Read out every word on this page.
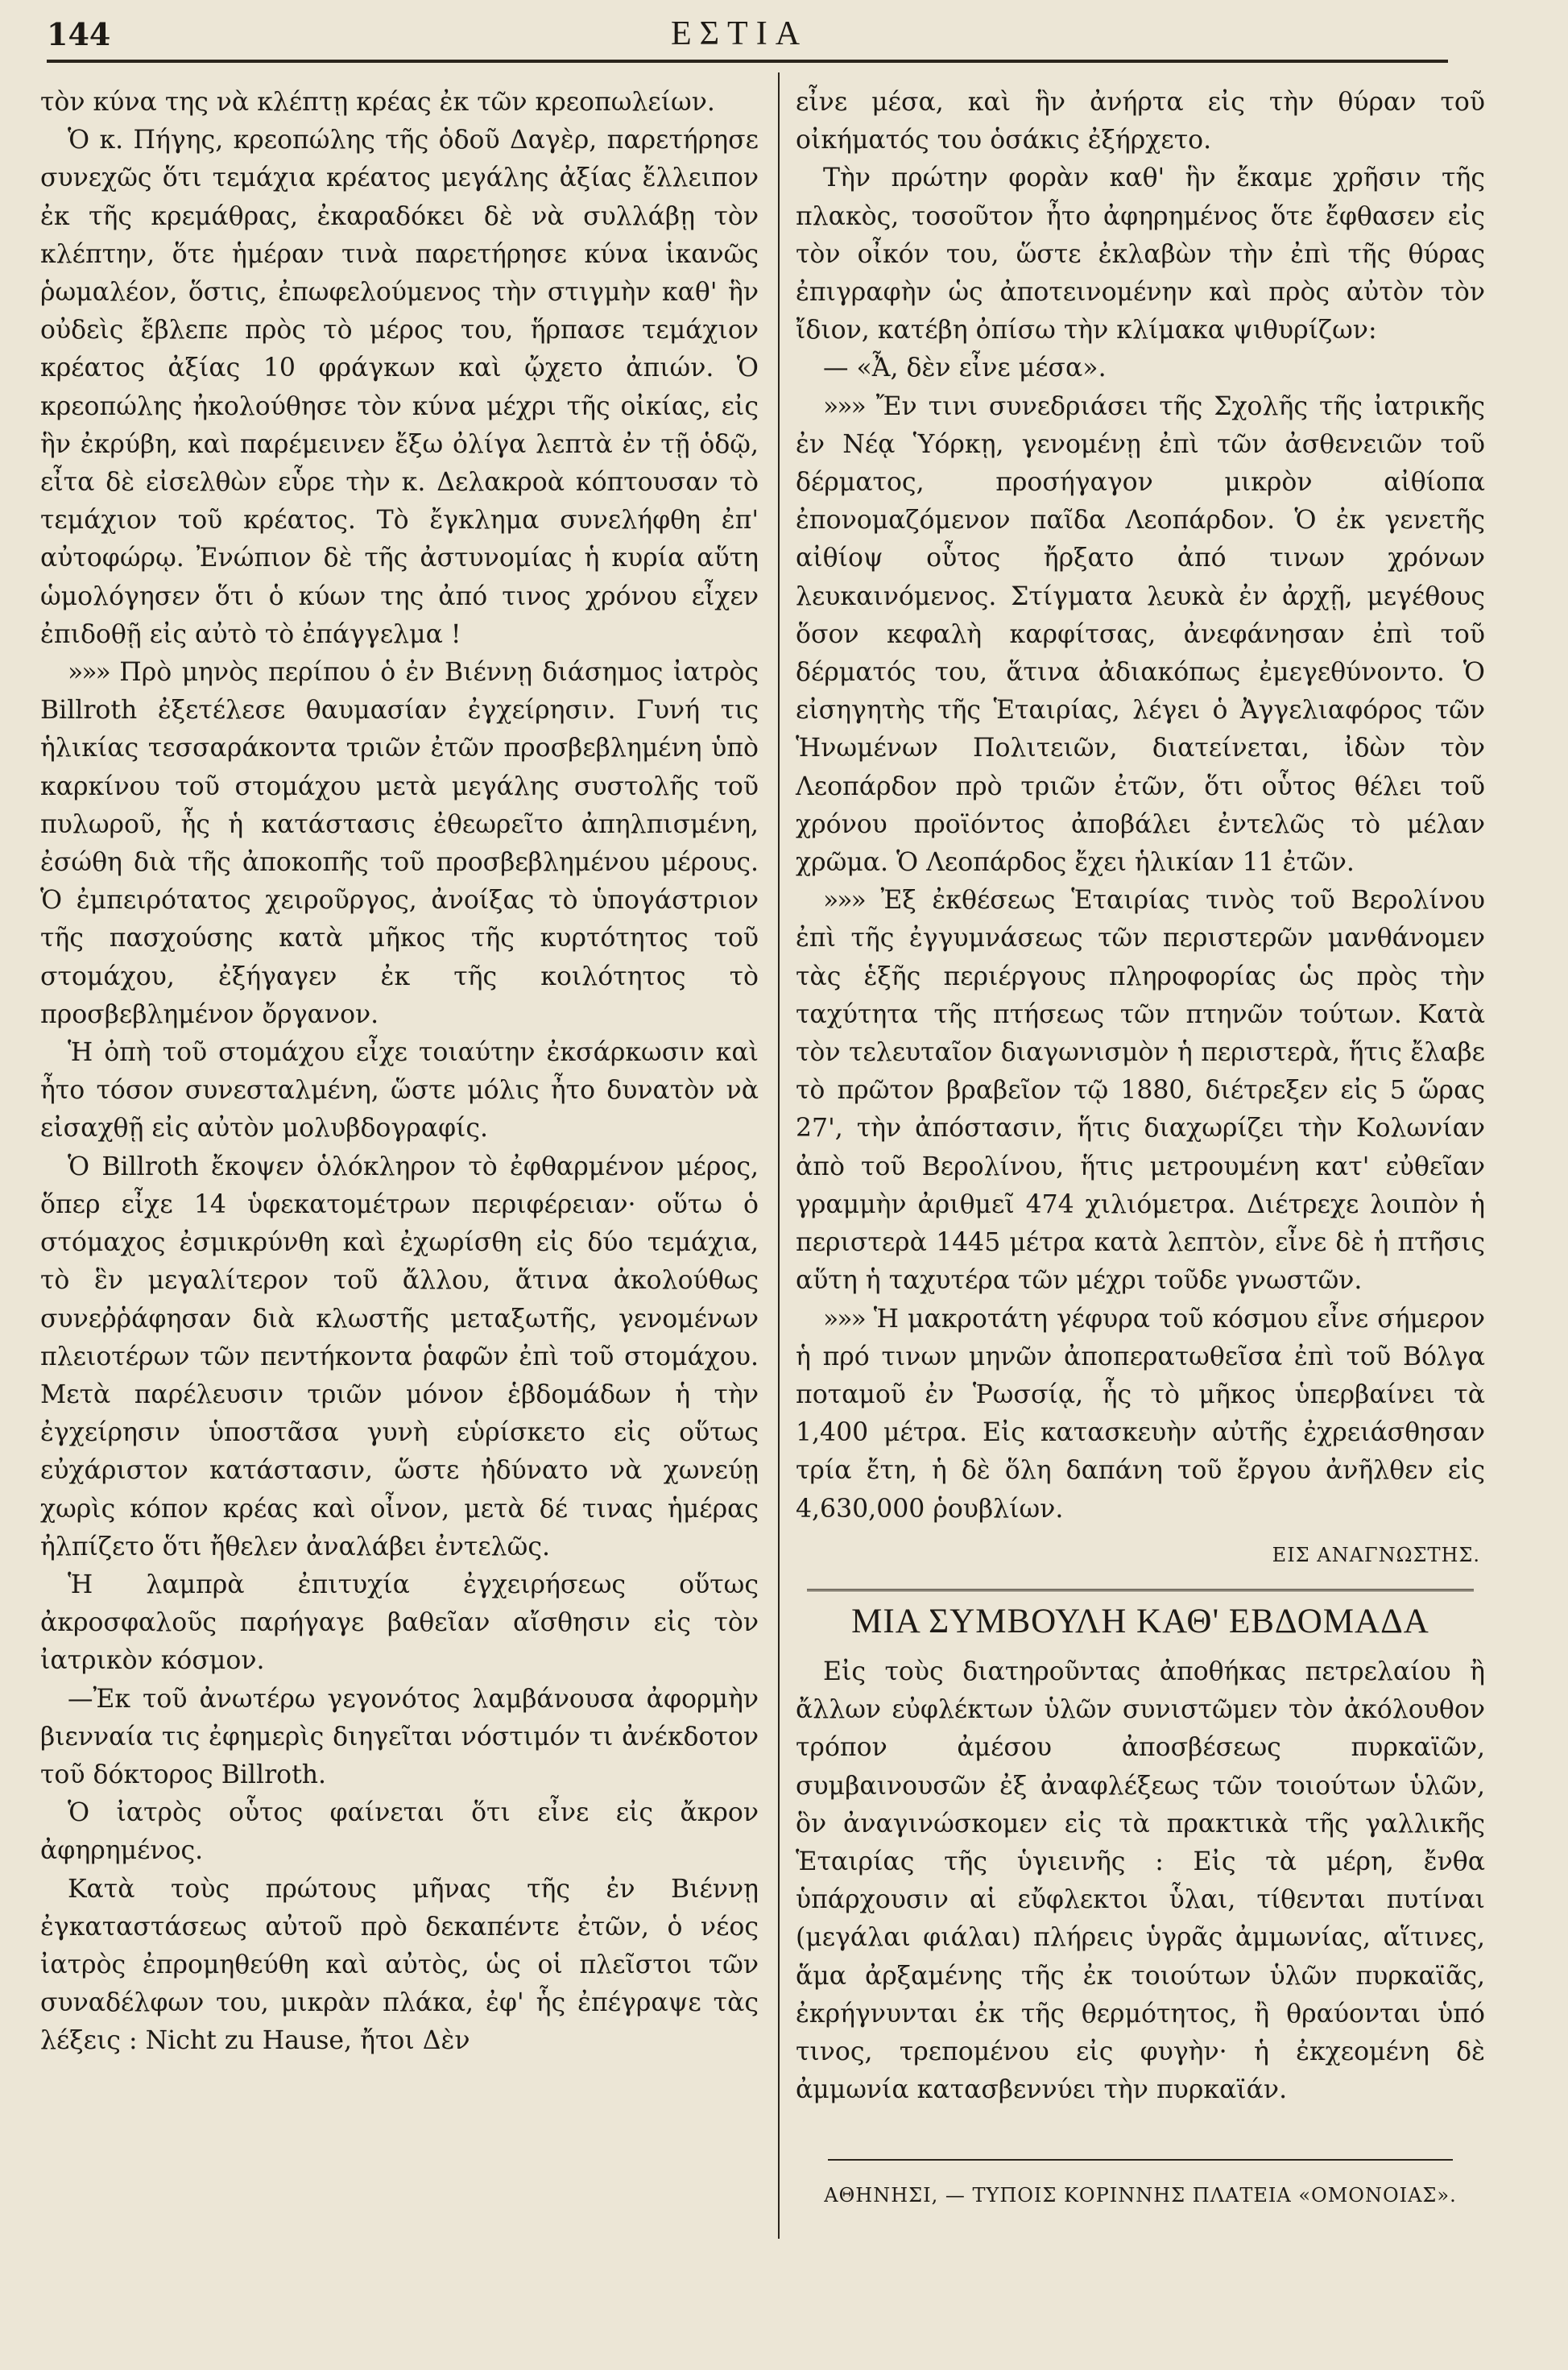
144	ΕΣΤΙΑ

τὸν κύνα της νὰ κλέπτῃ κρέας ἐκ τῶν κρεοπωλείων.

Ὁ κ. Πήγης, κρεοπώλης τῆς ὁδοῦ Δαγὲρ, παρετήρησε συνεχῶς ὅτι τεμάχια κρέατος μεγάλης ἀξίας ἔλλειπον ἐκ τῆς κρεμάθρας, ἐκαραδόκει δὲ νὰ συλλάβῃ τὸν κλέπτην, ὅτε ἡμέραν τινὰ παρετήρησε κύνα ἱκανῶς ῥωμαλέον, ὅστις, ἐπωφελούμενος τὴν στιγμὴν καθ' ἣν οὐδεὶς ἔβλεπε πρὸς τὸ μέρος του, ἥρπασε τεμάχιον κρέατος ἀξίας 10 φράγκων καὶ ᾤχετο ἀπιών. Ὁ κρεοπώλης ἠκολούθησε τὸν κύνα μέχρι τῆς οἰκίας, εἰς ἣν ἐκρύβη, καὶ παρέμεινεν ἔξω ὀλίγα λεπτὰ ἐν τῇ ὁδῷ, εἶτα δὲ εἰσελθὼν εὗρε τὴν κ. Δελακροὰ κόπτουσαν τὸ τεμάχιον τοῦ κρέατος. Τὸ ἔγκλημα συνελήφθη ἐπ' αὐτοφώρῳ. Ἐνώπιον δὲ τῆς ἀστυνομίας ἡ κυρία αὕτη ὡμολόγησεν ὅτι ὁ κύων της ἀπό τινος χρόνου εἶχεν ἐπιδοθῇ εἰς αὐτὸ τὸ ἐπάγγελμα !

»»» Πρὸ μηνὸς περίπου ὁ ἐν Βιέννῃ διάσημος ἰατρὸς Billroth ἐξετέλεσε θαυμασίαν ἐγχείρησιν. Γυνή τις ἡλικίας τεσσαράκοντα τριῶν ἐτῶν προσβεβλημένη ὑπὸ καρκίνου τοῦ στομάχου μετὰ μεγάλης συστολῆς τοῦ πυλωροῦ, ἧς ἡ κατάστασις ἐθεωρεῖτο ἀπηλπισμένη, ἐσώθη διὰ τῆς ἀποκοπῆς τοῦ προσβεβλημένου μέρους. Ὁ ἐμπειρότατος χειροῦργος, ἀνοίξας τὸ ὑπογάστριον τῆς πασχούσης κατὰ μῆκος τῆς κυρτότητος τοῦ στομάχου, ἐξήγαγεν ἐκ τῆς κοιλότητος τὸ προσβεβλημένον ὄργανον.

Ἡ ὀπὴ τοῦ στομάχου εἶχε τοιαύτην ἐκσάρκωσιν καὶ ἦτο τόσον συνεσταλμένη, ὥστε μόλις ἦτο δυνατὸν νὰ εἰσαχθῇ εἰς αὐτὸν μολυβδογραφίς.

Ὁ Billroth ἔκοψεν ὁλόκληρον τὸ ἐφθαρμένον μέρος, ὅπερ εἶχε 14 ὑφεκατομέτρων περιφέρειαν· οὕτω ὁ στόμαχος ἐσμικρύνθη καὶ ἐχωρίσθη εἰς δύο τεμάχια, τὸ ἓν μεγαλίτερον τοῦ ἄλλου, ἅτινα ἀκολούθως συνεῤῥάφησαν διὰ κλωστῆς μεταξωτῆς, γενομένων πλειοτέρων τῶν πεντήκοντα ῥαφῶν ἐπὶ τοῦ στομάχου. Μετὰ παρέλευσιν τριῶν μόνον ἑβδομάδων ἡ τὴν ἐγχείρησιν ὑποστᾶσα γυνὴ εὑρίσκετο εἰς οὕτως εὐχάριστον κατάστασιν, ὥστε ἠδύνατο νὰ χωνεύῃ χωρὶς κόπον κρέας καὶ οἶνον, μετὰ δέ τινας ἡμέρας ἠλπίζετο ὅτι ἤθελεν ἀναλάβει ἐντελῶς.

Ἡ λαμπρὰ ἐπιτυχία ἐγχειρήσεως οὕτως ἀκροσφαλοῦς παρήγαγε βαθεῖαν αἴσθησιν εἰς τὸν ἰατρικὸν κόσμον.

—Ἐκ τοῦ ἀνωτέρω γεγονότος λαμβάνουσα ἀφορμὴν βιενναία τις ἐφημερὶς διηγεῖται νόστιμόν τι ἀνέκδοτον τοῦ δόκτορος Billroth.

Ὁ ἰατρὸς οὗτος φαίνεται ὅτι εἶνε εἰς ἄκρον ἀφηρημένος.

Κατὰ τοὺς πρώτους μῆνας τῆς ἐν Βιέννῃ ἐγκαταστάσεως αὐτοῦ πρὸ δεκαπέντε ἐτῶν, ὁ νέος ἰατρὸς ἐπρομηθεύθη καὶ αὐτὸς, ὡς οἱ πλεῖστοι τῶν συναδέλφων του, μικρὰν πλάκα, ἐφ' ἧς ἐπέγραψε τὰς λέξεις : Nicht zu Hause, ἤτοι Δὲν

εἶνε μέσα, καὶ ἣν ἀνήρτα εἰς τὴν θύραν τοῦ οἰκήματός του ὁσάκις ἐξήρχετο.

Τὴν πρώτην φορὰν καθ' ἣν ἔκαμε χρῆσιν τῆς πλακὸς, τοσοῦτον ἦτο ἀφηρημένος ὅτε ἔφθασεν εἰς τὸν οἶκόν του, ὥστε ἐκλαβὼν τὴν ἐπὶ τῆς θύρας ἐπιγραφὴν ὡς ἀποτεινομένην καὶ πρὸς αὐτὸν τὸν ἴδιον, κατέβη ὀπίσω τὴν κλίμακα ψιθυρίζων:

— «Ἆ, δὲν εἶνε μέσα».

»»» Ἔν τινι συνεδριάσει τῆς Σχολῆς τῆς ἰατρικῆς ἐν Νέᾳ Ὑόρκῃ, γενομένῃ ἐπὶ τῶν ἀσθενειῶν τοῦ δέρματος, προσήγαγον μικρὸν αἰθίοπα ἐπονομαζόμενον παῖδα Λεοπάρδον. Ὁ ἐκ γενετῆς αἰθίοψ οὗτος ἤρξατο ἀπό τινων χρόνων λευκαινόμενος. Στίγματα λευκὰ ἐν ἀρχῇ, μεγέθους ὅσον κεφαλὴ καρφίτσας, ἀνεφάνησαν ἐπὶ τοῦ δέρματός του, ἅτινα ἀδιακόπως ἐμεγεθύνοντο. Ὁ εἰσηγητὴς τῆς Ἑταιρίας, λέγει ὁ Ἀγγελιαφόρος τῶν Ἡνωμένων Πολιτειῶν, διατείνεται, ἰδὼν τὸν Λεοπάρδον πρὸ τριῶν ἐτῶν, ὅτι οὗτος θέλει τοῦ χρόνου προϊόντος ἀποβάλει ἐντελῶς τὸ μέλαν χρῶμα. Ὁ Λεοπάρδος ἔχει ἡλικίαν 11 ἐτῶν.

»»» Ἐξ ἐκθέσεως Ἑταιρίας τινὸς τοῦ Βερολίνου ἐπὶ τῆς ἐγγυμνάσεως τῶν περιστερῶν μανθάνομεν τὰς ἑξῆς περιέργους πληροφορίας ὡς πρὸς τὴν ταχύτητα τῆς πτήσεως τῶν πτηνῶν τούτων. Κατὰ τὸν τελευταῖον διαγωνισμὸν ἡ περιστερὰ, ἥτις ἔλαβε τὸ πρῶτον βραβεῖον τῷ 1880, διέτρεξεν εἰς 5 ὥρας 27', τὴν ἀπόστασιν, ἥτις διαχωρίζει τὴν Κολωνίαν ἀπὸ τοῦ Βερολίνου, ἥτις μετρουμένη κατ' εὐθεῖαν γραμμὴν ἀριθμεῖ 474 χιλιόμετρα. Διέτρεχε λοιπὸν ἡ περιστερὰ 1445 μέτρα κατὰ λεπτὸν, εἶνε δὲ ἡ πτῆσις αὕτη ἡ ταχυτέρα τῶν μέχρι τοῦδε γνωστῶν.

»»» Ἡ μακροτάτη γέφυρα τοῦ κόσμου εἶνε σήμερον ἡ πρό τινων μηνῶν ἀποπερατωθεῖσα ἐπὶ τοῦ Βόλγα ποταμοῦ ἐν Ῥωσσίᾳ, ἧς τὸ μῆκος ὑπερβαίνει τὰ 1,400 μέτρα. Εἰς κατασκευὴν αὐτῆς ἐχρειάσθησαν τρία ἔτη, ἡ δὲ ὅλη δαπάνη τοῦ ἔργου ἀνῆλθεν εἰς 4,630,000 ῥουβλίων.

ΕΙΣ ΑΝΑΓΝΩΣΤΗΣ.
ΜΙΑ ΣΥΜΒΟΥΛΗ ΚΑΘ' ΕΒΔΟΜΑΔΑ

Εἰς τοὺς διατηροῦντας ἀποθήκας πετρελαίου ἢ ἄλλων εὐφλέκτων ὑλῶν συνιστῶμεν τὸν ἀκόλουθον τρόπον ἀμέσου ἀποσβέσεως πυρκαϊῶν, συμβαινουσῶν ἐξ ἀναφλέξεως τῶν τοιούτων ὑλῶν, ὃν ἀναγινώσκομεν εἰς τὰ πρακτικὰ τῆς γαλλικῆς Ἑταιρίας τῆς ὑγιεινῆς : Εἰς τὰ μέρη, ἔνθα ὑπάρχουσιν αἱ εὔφλεκτοι ὗλαι, τίθενται πυτίναι (μεγάλαι φιάλαι) πλήρεις ὑγρᾶς ἀμμωνίας, αἵτινες, ἅμα ἀρξαμένης τῆς ἐκ τοιούτων ὑλῶν πυρκαϊᾶς, ἐκρήγνυνται ἐκ τῆς θερμότητος, ἢ θραύονται ὑπό τινος, τρεπομένου εἰς φυγὴν· ἡ ἐκχεομένη δὲ ἀμμωνία κατασβεννύει τὴν πυρκαϊάν.

ΑΘΗΝΗΣΙ, — ΤΥΠΟΙΣ ΚΟΡΙΝΝΗΣ ΠΛΑΤΕΙΑ «ΟΜΟΝΟΙΑΣ».
